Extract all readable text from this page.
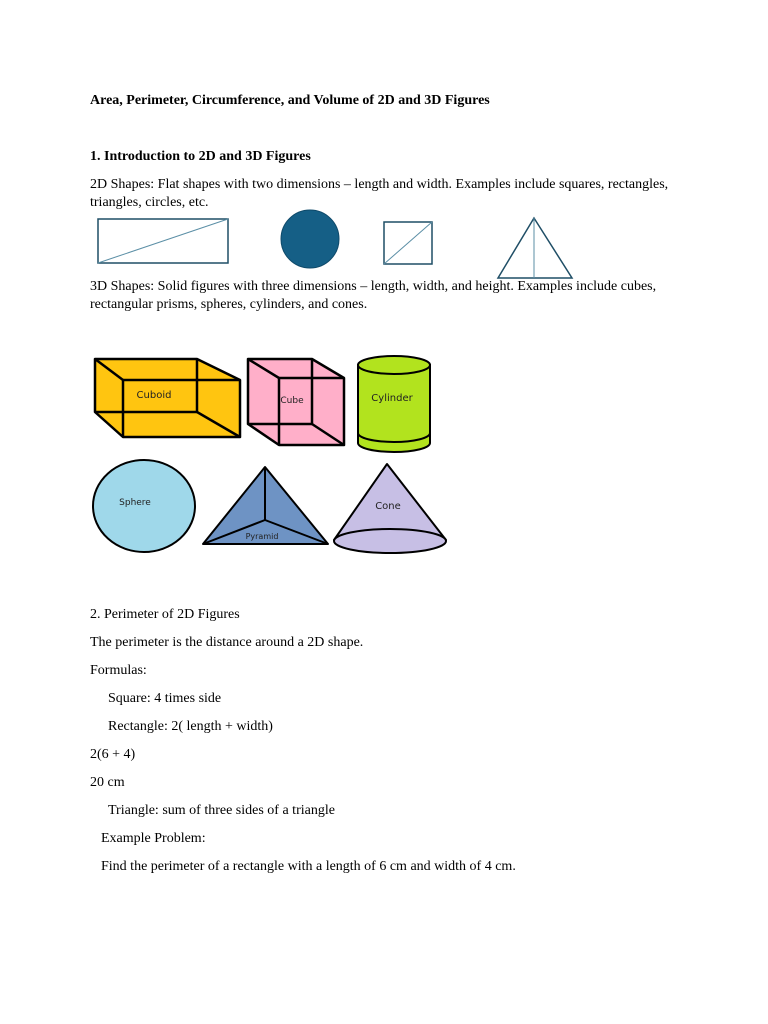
Area, Perimeter, Circumference, and Volume of 2D and 3D Figures
1. Introduction to 2D and 3D Figures
2D Shapes: Flat shapes with two dimensions – length and width. Examples include squares, rectangles, triangles, circles, etc.
3D Shapes: Solid figures with three dimensions – length, width, and height. Examples include cubes, rectangular prisms, spheres, cylinders, and cones.
Cuboid	Cube	Cylinder
Sphere
Pyramid
Cone
2. Perimeter of 2D Figures
The perimeter is the distance around a 2D shape.
Formulas:
Square: 4 times side
Rectangle: 2( length + width)
2(6 + 4)
20 cm
Triangle: sum of three sides of a triangle
Example Problem:
Find the perimeter of a rectangle with a length of 6 cm and width of 4 cm.
